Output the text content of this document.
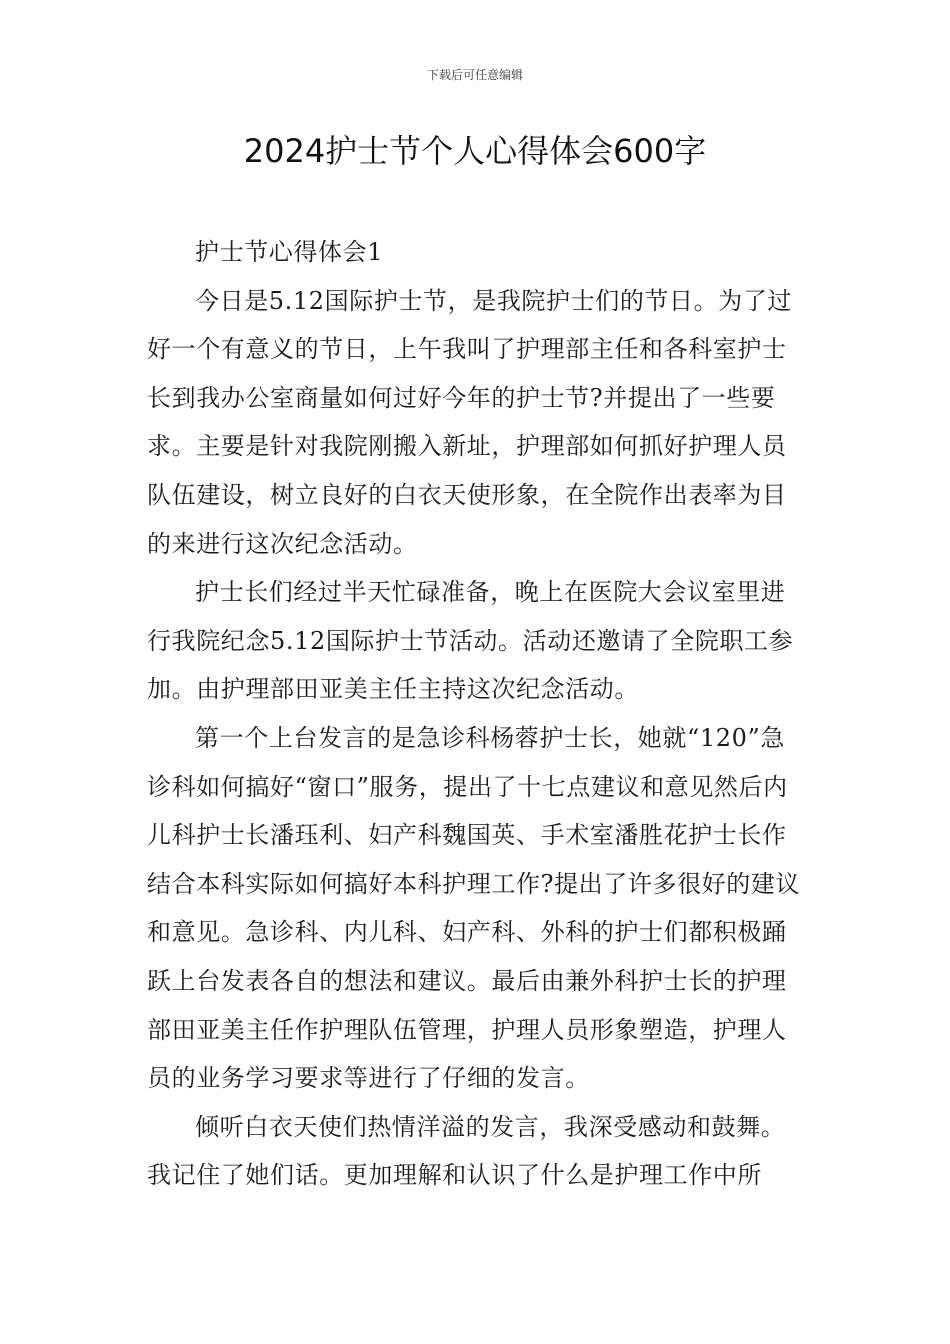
下载后可任意编辑
2024护士节个人心得体会600字

护士节心得体会1

今日是5.12国际护士节，是我院护士们的节日。为了过好一个有意义的节日，上午我叫了护理部主任和各科室护士长到我办公室商量如何过好今年的护士节?并提出了一些要求。主要是针对我院刚搬入新址，护理部如何抓好护理人员队伍建设，树立良好的白衣天使形象，在全院作出表率为目的来进行这次纪念活动。

护士长们经过半天忙碌准备，晚上在医院大会议室里进行我院纪念5.12国际护士节活动。活动还邀请了全院职工参加。由护理部田亚美主任主持这次纪念活动。

第一个上台发言的是急诊科杨蓉护士长，她就“120”急诊科如何搞好“窗口”服务，提出了十七点建议和意见然后内儿科护士长潘珏利、妇产科魏国英、手术室潘胜花护士长作结合本科实际如何搞好本科护理工作?提出了许多很好的建议和意见。急诊科、内儿科、妇产科、外科的护士们都积极踊跃上台发表各自的想法和建议。最后由兼外科护士长的护理部田亚美主任作护理队伍管理，护理人员形象塑造，护理人员的业务学习要求等进行了仔细的发言。

倾听白衣天使们热情洋溢的发言，我深受感动和鼓舞。我记住了她们话。更加理解和认识了什么是护理工作中所
